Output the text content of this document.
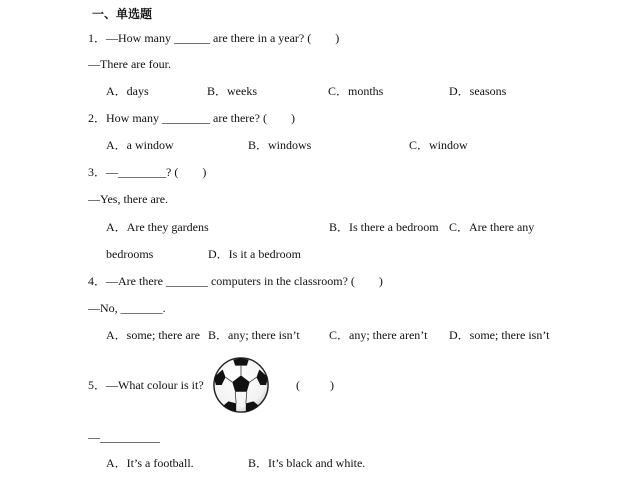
一、单选题
1．—How many ______ are there in a year? (        )
—There are four.
A．days	B．weeks	C．months	D．seasons
2．How many ________ are there? (        )
A．a window	B．windows	C．window
3．—________? (        )
—Yes, there are.
A．Are they gardens	B．Is there a bedroom C．Are there any
bedrooms	D．Is it a bedroom
4．—Are there _______ computers in the classroom? (        )
—No, _______.
A．some; there are B．any; there isn’t C．any; there aren’t D．some; there isn’t
5．—What colour is it?	(          )
—__________
A．It’s a football.	B．It’s black and white.
